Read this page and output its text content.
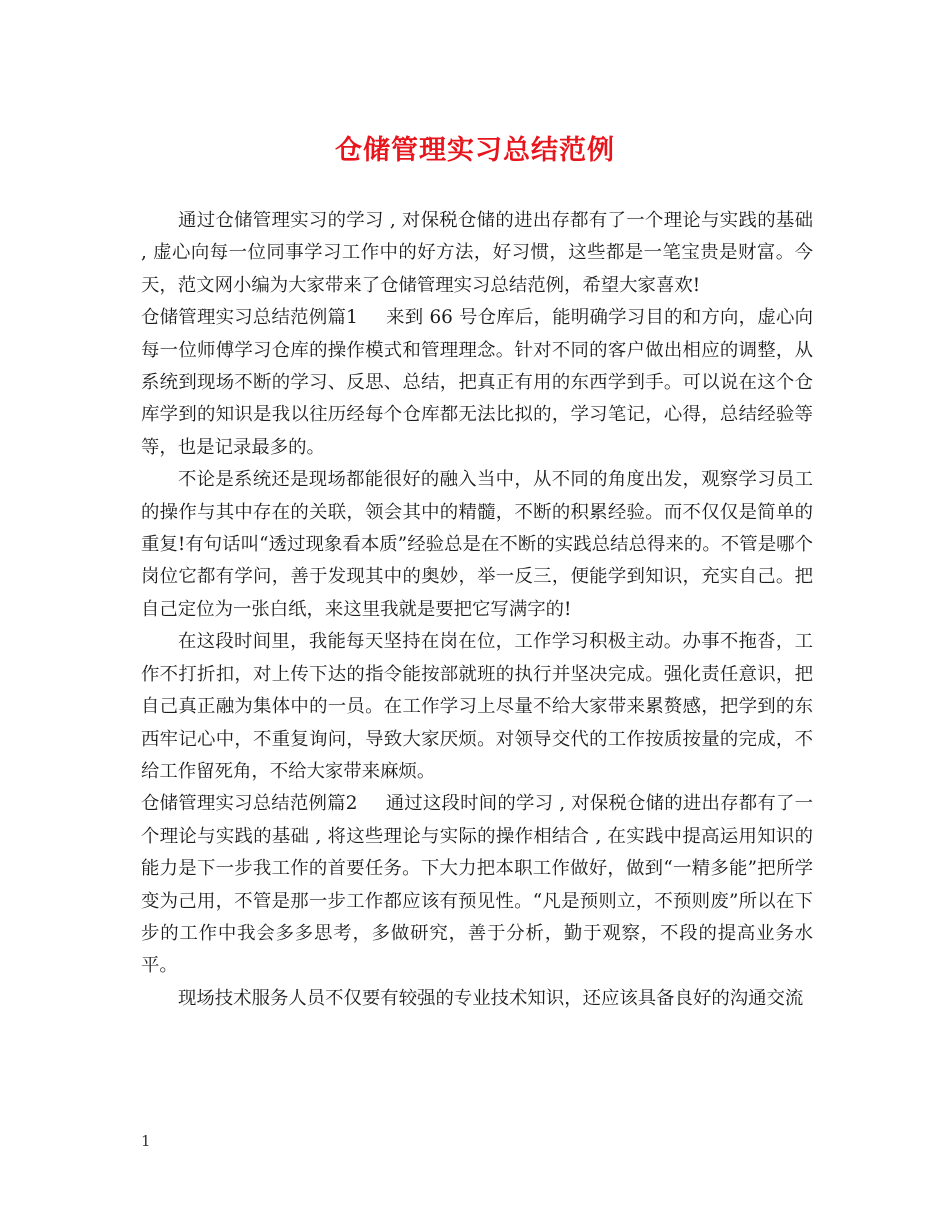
仓储管理实习总结范例

通过仓储管理实习的学习 , 对保税仓储的进出存都有了一个理论与实践的基础 , 虚心向每一位同事学习工作中的好方法，好习惯，这些都是一笔宝贵是财富。今天，范文网小编为大家带来了仓储管理实习总结范例，希望大家喜欢!

仓储管理实习总结范例篇1 来到 66 号仓库后，能明确学习目的和方向，虚心向每一位师傅学习仓库的操作模式和管理理念。针对不同的客户做出相应的调整，从系统到现场不断的学习、反思、总结，把真正有用的东西学到手。可以说在这个仓库学到的知识是我以往历经每个仓库都无法比拟的，学习笔记，心得，总结经验等等，也是记录最多的。

不论是系统还是现场都能很好的融入当中，从不同的角度出发，观察学习员工的操作与其中存在的关联，领会其中的精髓，不断的积累经验。而不仅仅是简单的重复!有句话叫“透过现象看本质”经验总是在不断的实践总结总得来的。不管是哪个岗位它都有学问，善于发现其中的奥妙，举一反三，便能学到知识，充实自己。把自己定位为一张白纸，来这里我就是要把它写满字的!

在这段时间里，我能每天坚持在岗在位，工作学习积极主动。办事不拖沓，工作不打折扣，对上传下达的指令能按部就班的执行并坚决完成。强化责任意识，把自己真正融为集体中的一员。在工作学习上尽量不给大家带来累赘感，把学到的东西牢记心中，不重复询问，导致大家厌烦。对领导交代的工作按质按量的完成，不给工作留死角，不给大家带来麻烦。

仓储管理实习总结范例篇2 通过这段时间的学习 , 对保税仓储的进出存都有了一个理论与实践的基础 , 将这些理论与实际的操作相结合 , 在实践中提高运用知识的能力是下一步我工作的首要任务。下大力把本职工作做好，做到“一精多能”把所学变为己用，不管是那一步工作都应该有预见性。“凡是预则立，不预则废”所以在下步的工作中我会多多思考，多做研究，善于分析，勤于观察，不段的提高业务水平。

现场技术服务人员不仅要有较强的专业技术知识，还应该具备良好的沟通交流

1
